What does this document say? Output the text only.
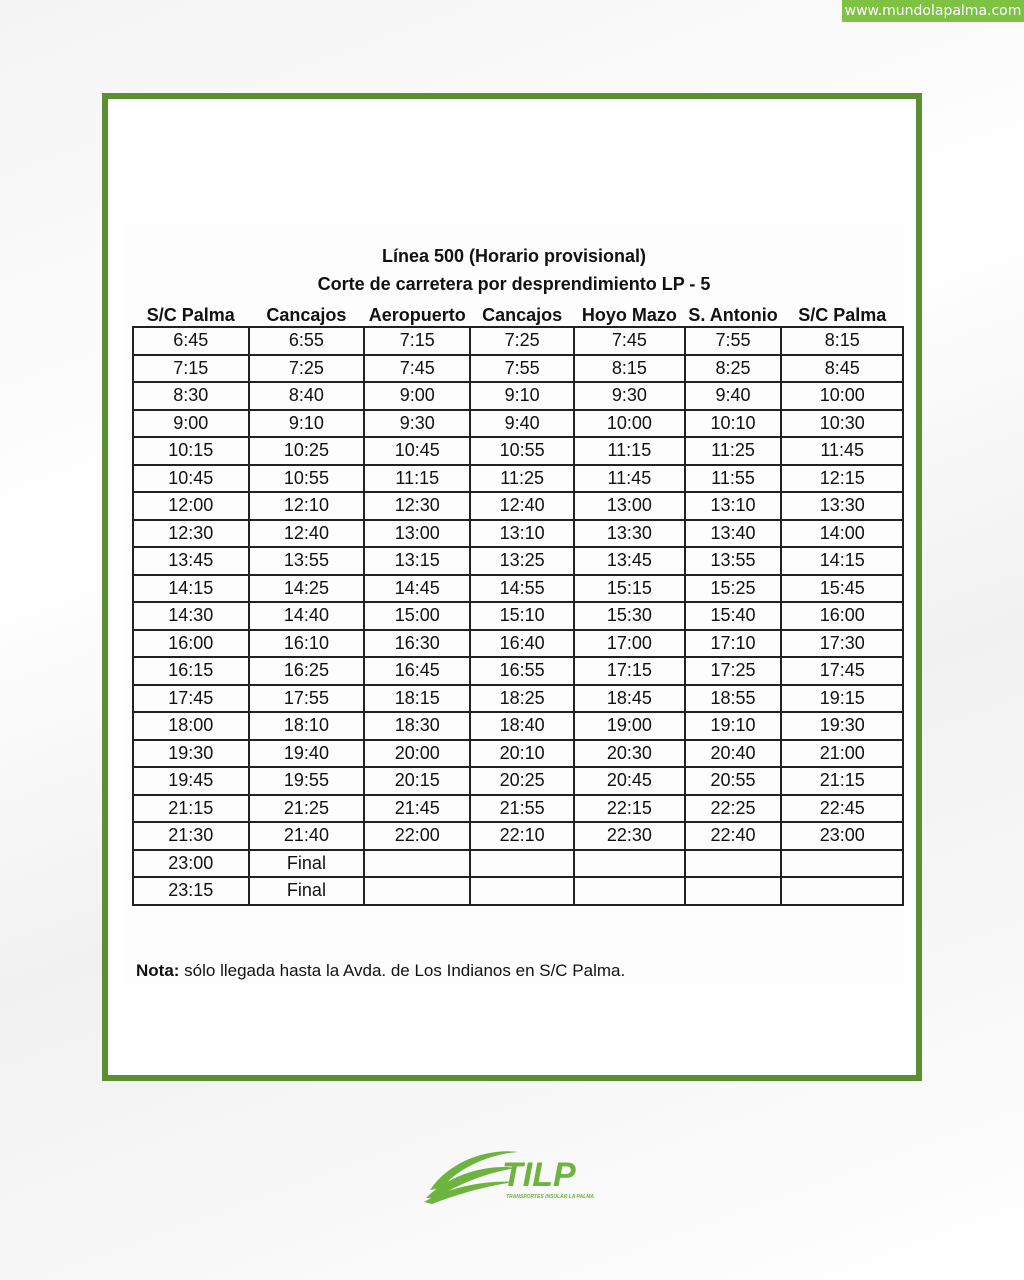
www.mundolapalma.com
Línea 500 (Horario provisional)
Corte de carretera por desprendimiento LP - 5
S/C Palma	Cancajos	Aeropuerto	Cancajos	Hoyo Mazo	S. Antonio	S/C Palma
6:45	6:55	7:15	7:25	7:45	7:55	8:15
7:15	7:25	7:45	7:55	8:15	8:25	8:45
8:30	8:40	9:00	9:10	9:30	9:40	10:00
9:00	9:10	9:30	9:40	10:00	10:10	10:30
10:15	10:25	10:45	10:55	11:15	11:25	11:45
10:45	10:55	11:15	11:25	11:45	11:55	12:15
12:00	12:10	12:30	12:40	13:00	13:10	13:30
12:30	12:40	13:00	13:10	13:30	13:40	14:00
13:45	13:55	13:15	13:25	13:45	13:55	14:15
14:15	14:25	14:45	14:55	15:15	15:25	15:45
14:30	14:40	15:00	15:10	15:30	15:40	16:00
16:00	16:10	16:30	16:40	17:00	17:10	17:30
16:15	16:25	16:45	16:55	17:15	17:25	17:45
17:45	17:55	18:15	18:25	18:45	18:55	19:15
18:00	18:10	18:30	18:40	19:00	19:10	19:30
19:30	19:40	20:00	20:10	20:30	20:40	21:00
19:45	19:55	20:15	20:25	20:45	20:55	21:15
21:15	21:25	21:45	21:55	22:15	22:25	22:45
21:30	21:40	22:00	22:10	22:30	22:40	23:00
23:00	Final					
23:15	Final					
Nota: sólo llegada hasta la Avda. de Los Indianos en S/C Palma.
TILP
TRANSPORTES INSULAR LA PALMA
